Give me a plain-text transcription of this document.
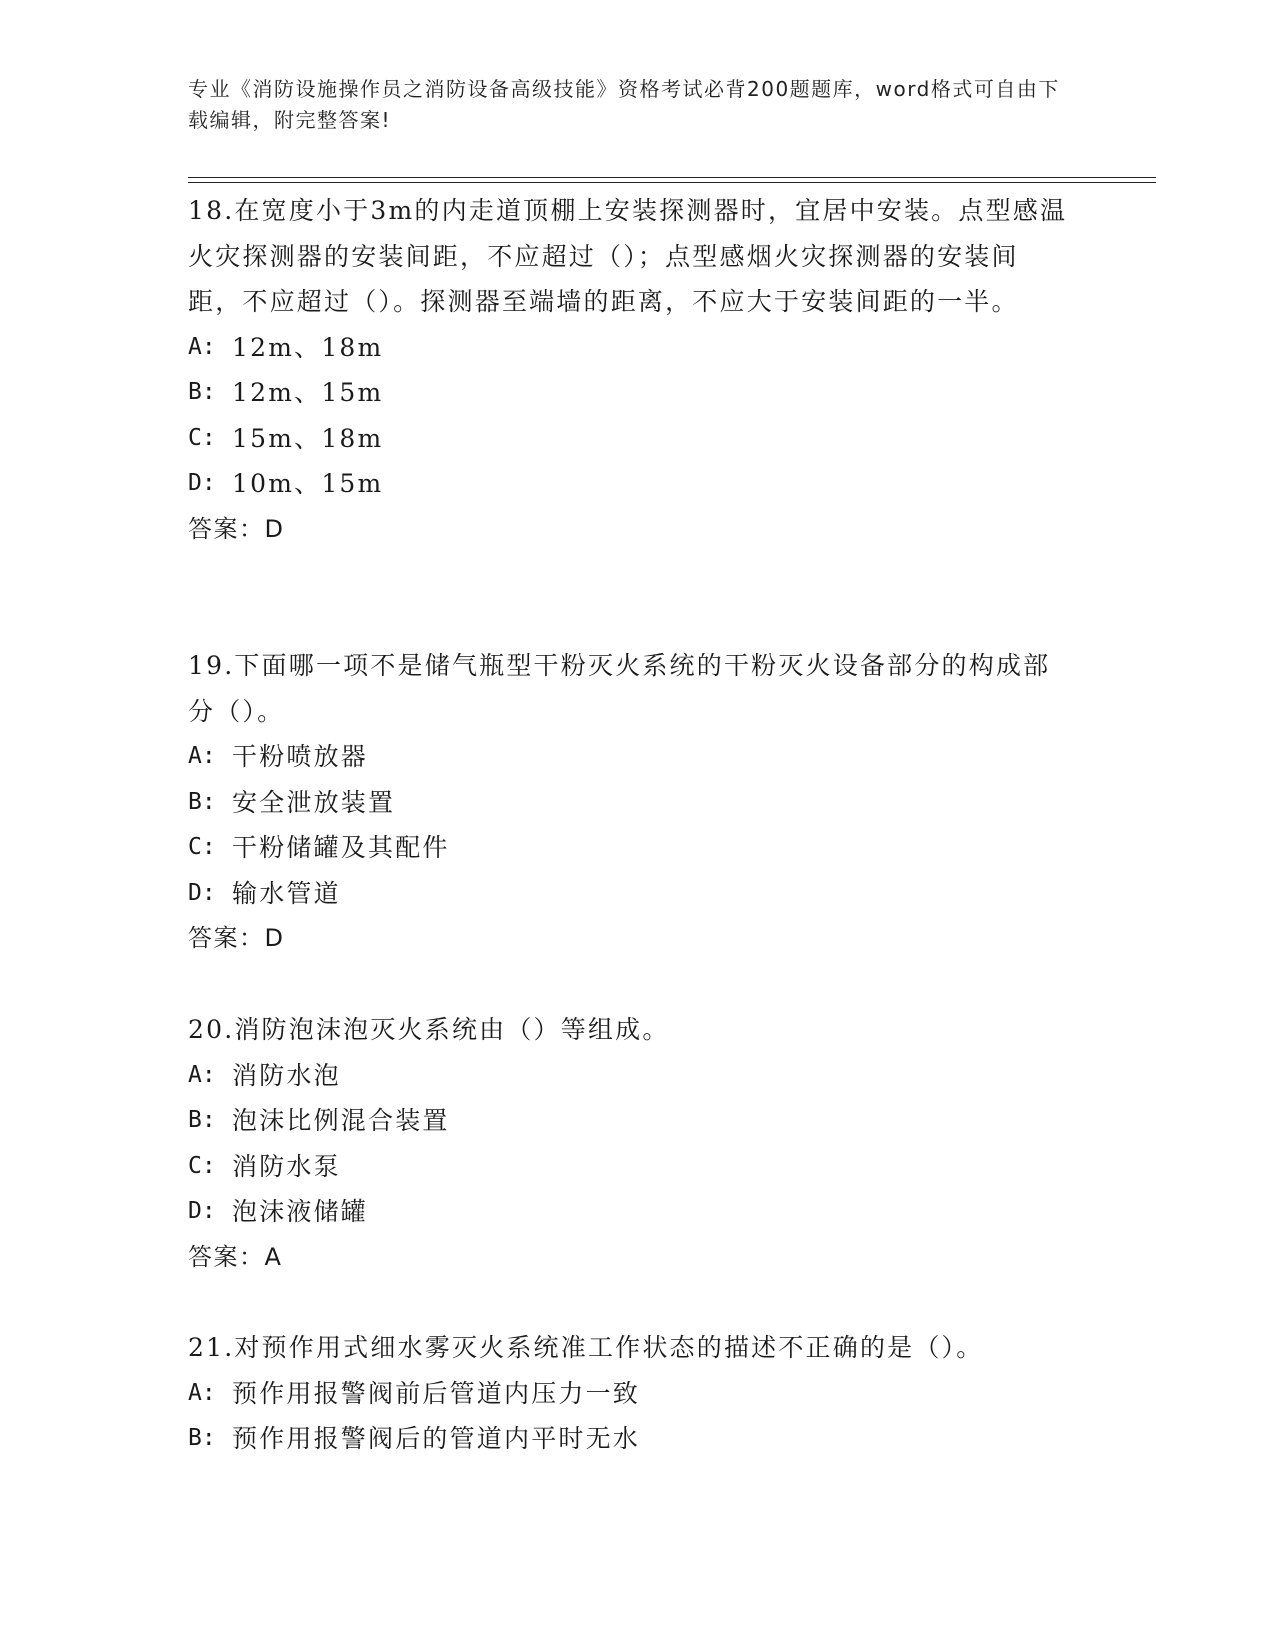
专业《消防设施操作员之消防设备高级技能》资格考试必背200题题库，word格式可自由下载编辑，附完整答案!

18.在宽度小于3m的内走道顶棚上安装探测器时，宜居中安装。点型感温火灾探测器的安装间距，不应超过（）；点型感烟火灾探测器的安装间距，不应超过（）。探测器至端墙的距离，不应大于安装间距的一半。

A: 12m、18m

B: 12m、15m

C: 15m、18m

D: 10m、15m

答案：D

19.下面哪一项不是储气瓶型干粉灭火系统的干粉灭火设备部分的构成部分（）。

A: 干粉喷放器

B: 安全泄放装置

C: 干粉储罐及其配件

D: 输水管道

答案：D

20.消防泡沫泡灭火系统由（）等组成。

A: 消防水泡

B: 泡沫比例混合装置

C: 消防水泵

D: 泡沫液储罐

答案：A

21.对预作用式细水雾灭火系统准工作状态的描述不正确的是（）。

A: 预作用报警阀前后管道内压力一致

B: 预作用报警阀后的管道内平时无水
